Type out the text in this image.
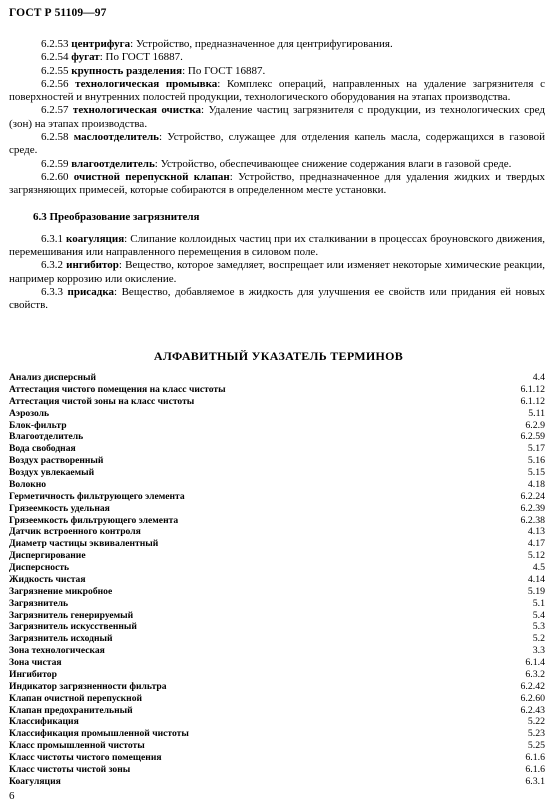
ГОСТ Р 51109—97

6.2.53 центрифуга: Устройство, предназначенное для центрифугирования.

6.2.54 фугат: По ГОСТ 16887.

6.2.55 крупность разделения: По ГОСТ 16887.

6.2.56 технологическая промывка: Комплекс операций, направленных на удаление загрязнителя с поверхностей и внутренних полостей продукции, технологического оборудования на этапах производства.

6.2.57 технологическая очистка: Удаление частиц загрязнителя с продукции, из технологических сред (зон) на этапах производства.

6.2.58 маслоотделитель: Устройство, служащее для отделения капель масла, содержащихся в газовой среде.

6.2.59 влагоотделитель: Устройство, обеспечивающее снижение содержания влаги в газовой среде.

6.2.60 очистной перепускной клапан: Устройство, предназначенное для удаления жидких и твердых загрязняющих примесей, которые собираются в определенном месте установки.

6.3 Преобразование загрязнителя

6.3.1 коагуляция: Слипание коллоидных частиц при их сталкивании в процессах броуновского движения, перемешивания или направленного перемещения в силовом поле.

6.3.2 ингибитор: Вещество, которое замедляет, воспрещает или изменяет некоторые химические реакции, например коррозию или окисление.

6.3.3 присадка: Вещество, добавляемое в жидкость для улучшения ее свойств или придания ей новых свойств.

АЛФАВИТНЫЙ УКАЗАТЕЛЬ ТЕРМИНОВ
Анализ дисперсный	4.4
Аттестация чистого помещения на класс чистоты	6.1.12
Аттестация чистой зоны на класс чистоты	6.1.12
Аэрозоль	5.11
Блок-фильтр	6.2.9
Влагоотделитель	6.2.59
Вода свободная	5.17
Воздух растворенный	5.16
Воздух увлекаемый	5.15
Волокно	4.18
Герметичность фильтрующего элемента	6.2.24
Грязеемкость удельная	6.2.39
Грязеемкость фильтрующего элемента	6.2.38
Датчик встроенного контроля	4.13
Диаметр частицы эквивалентный	4.17
Диспергирование	5.12
Дисперсность	4.5
Жидкость чистая	4.14
Загрязнение микробное	5.19
Загрязнитель	5.1
Загрязнитель генерируемый	5.4
Загрязнитель искусственный	5.3
Загрязнитель исходный	5.2
Зона технологическая	3.3
Зона чистая	6.1.4
Ингибитор	6.3.2
Индикатор загрязненности фильтра	6.2.42
Клапан очистной перепускной	6.2.60
Клапан предохранительный	6.2.43
Классификация	5.22
Классификация промышленной чистоты	5.23
Класс промышленной чистоты	5.25
Класс чистоты чистого помещения	6.1.6
Класс чистоты чистой зоны	6.1.6
Коагуляция	6.3.1
6
